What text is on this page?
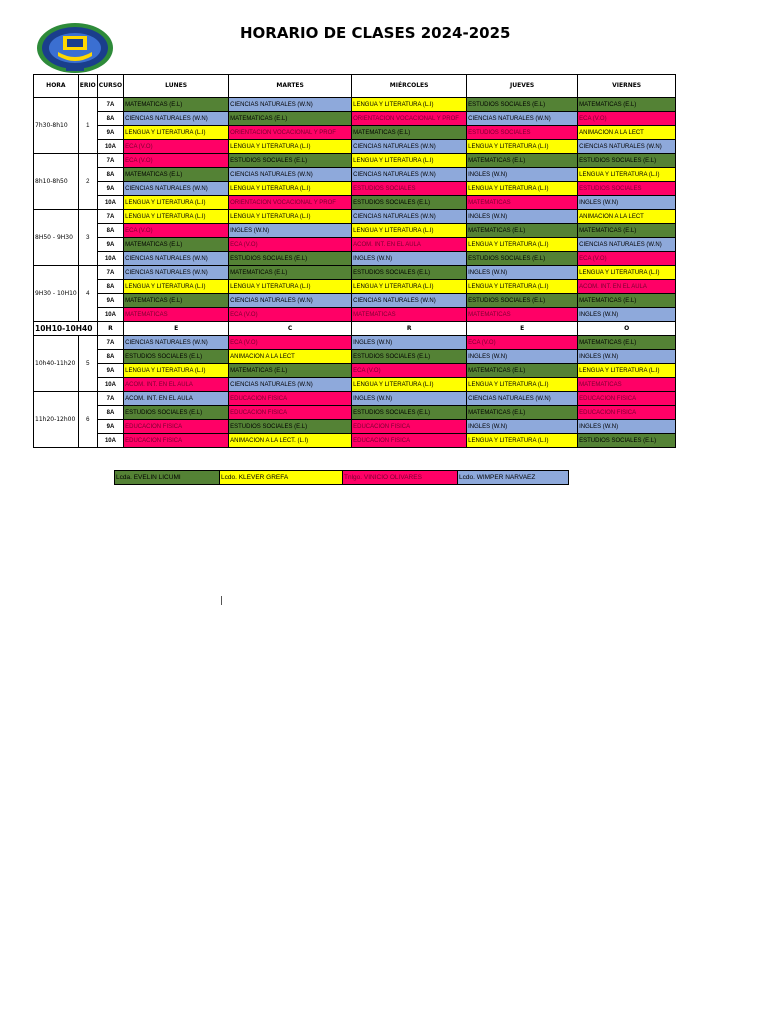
HORARIO DE CLASES 2024-2025
HORA	ERIO	CURSO	LUNES	MARTES	MIÉRCOLES	JUEVES	VIERNES
7h30-8h10	1	7A	MATEMATICAS (E.L)	CIENCIAS NATURALES (W.N)	LENGUA Y LITERATURA (L.I)	ESTUDIOS SOCIALES (E.L)	MATEMATICAS (E.L)
		8A	CIENCIAS NATURALES (W.N)	MATEMATICAS (E.L)	ORIENTACION VOCACIONAL Y PROF	CIENCIAS NATURALES (W.N)	ECA (V.O)
		9A	LENGUA Y LITERATURA (L.I)	ORIENTACION VOCACIONAL Y PROF	MATEMATICAS (E.L)	ESTUDIOS SOCIALES	ANIMACION A LA LECT
		10A	ECA (V.O)	LENGUA Y LITERATURA (L.I)	CIENCIAS NATURALES (W.N)	LENGUA Y LITERATURA (L.I)	CIENCIAS NATURALES (W.N)
8h10-8h50	2	7A	ECA (V.O)	ESTUDIOS SOCIALES (E.L)	LENGUA Y LITERATURA (L.I)	MATEMATICAS (E.L)	ESTUDIOS SOCIALES (E.L)
		8A	MATEMATICAS (E.L)	CIENCIAS NATURALES (W.N)	CIENCIAS NATURALES (W.N)	INGLES (W.N)	LENGUA Y LITERATURA (L.I)
		9A	CIENCIAS NATURALES (W.N)	LENGUA Y LITERATURA (L.I)	ESTUDIOS SOCIALES	LENGUA Y LITERATURA (L.I)	ESTUDIOS SOCIALES
		10A	LENGUA Y LITERATURA (L.I)	ORIENTACION VOCACIONAL Y PROF	ESTUDIOS SOCIALES (E.L)	MATEMATICAS	INGLES (W.N)
8H50 - 9H30	3	7A	LENGUA Y LITERATURA (L.I)	LENGUA Y LITERATURA (L.I)	CIENCIAS NATURALES (W.N)	INGLES (W.N)	ANIMACION A LA LECT
		8A	ECA (V.O)	INGLES (W.N)	LENGUA Y LITERATURA (L.I)	MATEMATICAS (E.L)	MATEMATICAS (E.L)
		9A	MATEMATICAS (E.L)	ECA (V.O)	ACOM. INT. EN EL AULA	LENGUA Y LITERATURA (L.I)	CIENCIAS NATURALES (W.N)
		10A	CIENCIAS NATURALES (W.N)	ESTUDIOS SOCIALES (E.L)	INGLES (W.N)	ESTUDIOS SOCIALES (E.L)	ECA (V.O)
9H30 - 10H10	4	7A	CIENCIAS NATURALES (W.N)	MATEMATICAS (E.L)	ESTUDIOS SOCIALES (E.L)	INGLES (W.N)	LENGUA Y LITERATURA (L.I)
		8A	LENGUA Y LITERATURA (L.I)	LENGUA Y LITERATURA (L.I)	LENGUA Y LITERATURA (L.I)	LENGUA Y LITERATURA (L.I)	ACOM. INT. EN EL AULA
		9A	MATEMATICAS (E.L)	CIENCIAS NATURALES (W.N)	CIENCIAS NATURALES (W.N)	ESTUDIOS SOCIALES (E.L)	MATEMATICAS (E.L)
		10A	MATEMATICAS	ECA (V.O)	MATEMATICAS	MATEMATICAS	INGLES (W.N)
10H10-10H40		R	E	C	R	E	O
10h40-11h20	5	7A	CIENCIAS NATURALES (W.N)	ECA (V.O)	INGLES (W.N)	ECA (V.O)	MATEMATICAS (E.L)
		8A	ESTUDIOS SOCIALES (E.L)	ANIMACION A LA LECT	ESTUDIOS SOCIALES (E.L)	INGLES (W.N)	INGLES (W.N)
		9A	LENGUA Y LITERATURA (L.I)	MATEMATICAS (E.L)	ECA (V.O)	MATEMATICAS (E.L)	LENGUA Y LITERATURA (L.I)
		10A	ACOM. INT. EN EL AULA	CIENCIAS NATURALES (W.N)	LENGUA Y LITERATURA (L.I)	LENGUA Y LITERATURA (L.I)	MATEMATICAS
11h20-12h00	6	7A	ACOM. INT. EN EL AULA	EDUCACION FISICA	INGLES (W.N)	CIENCIAS NATURALES (W.N)	EDUCACION FISICA
		8A	ESTUDIOS SOCIALES (E.L)	EDUCACION FISICA	ESTUDIOS SOCIALES (E.L)	MATEMATICAS (E.L)	EDUCACION FISICA
		9A	EDUCACION FISICA	ESTUDIOS SOCIALES (E.L)	EDUCACION FISICA	INGLES (W.N)	INGLES (W.N)
		10A	EDUCACION FISICA	ANIMACION A LA LECT. (L.I)	EDUCACION FISICA	LENGUA Y LITERATURA (L.I)	ESTUDIOS SOCIALES (E.L)
Lcda. EVELIN LICUMI	Lcdo. KLEVER GREFA	Tnlgo. VINICIO OLIVARES	Lcdo. WIMPER NARVAEZ
